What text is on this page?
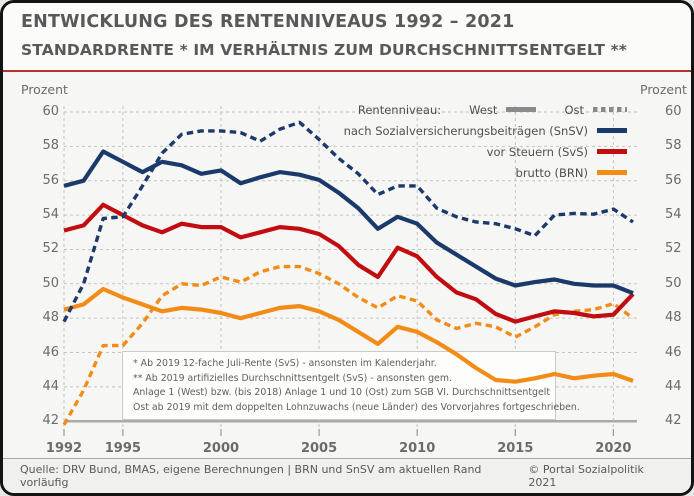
ENTWICKLUNG DES RENTENNIVEAUS 1992 – 2021
STANDARDRENTE * IM VERHÄLTNIS ZUM DURCHSCHNITTSENTGELT **
Prozent	Prozent
* Ab 2019 12-fache Juli-Rente (SvS) - ansonsten im Kalenderjahr.
** Ab 2019 artifizielles Durchschnittsentgelt (SvS) - ansonsten gem.
Anlage 1 (West) bzw. (bis 2018) Anlage 1 und 10 (Ost) zum SGB VI. Durchschnittsentgelt
Ost ab 2019 mit dem doppelten Lohnzuwachs (neue Länder) des Vorvorjahres fortgeschrieben.
42	42
44	44
46	46
48	48
50	50
52	52
54	54
56	56
58	58
60	60
1992	1995	2000	2005	2010	2015	2020
Rentenniveau: West	Ost
nach Sozialversicherungsbeiträgen (SnSV)
vor Steuern (SvS)
brutto (BRN)
Quelle: DRV Bund, BMAS, eigene Berechnungen | BRN und SnSV am aktuellen Rand vorläufig
© Portal Sozialpolitik 2021
